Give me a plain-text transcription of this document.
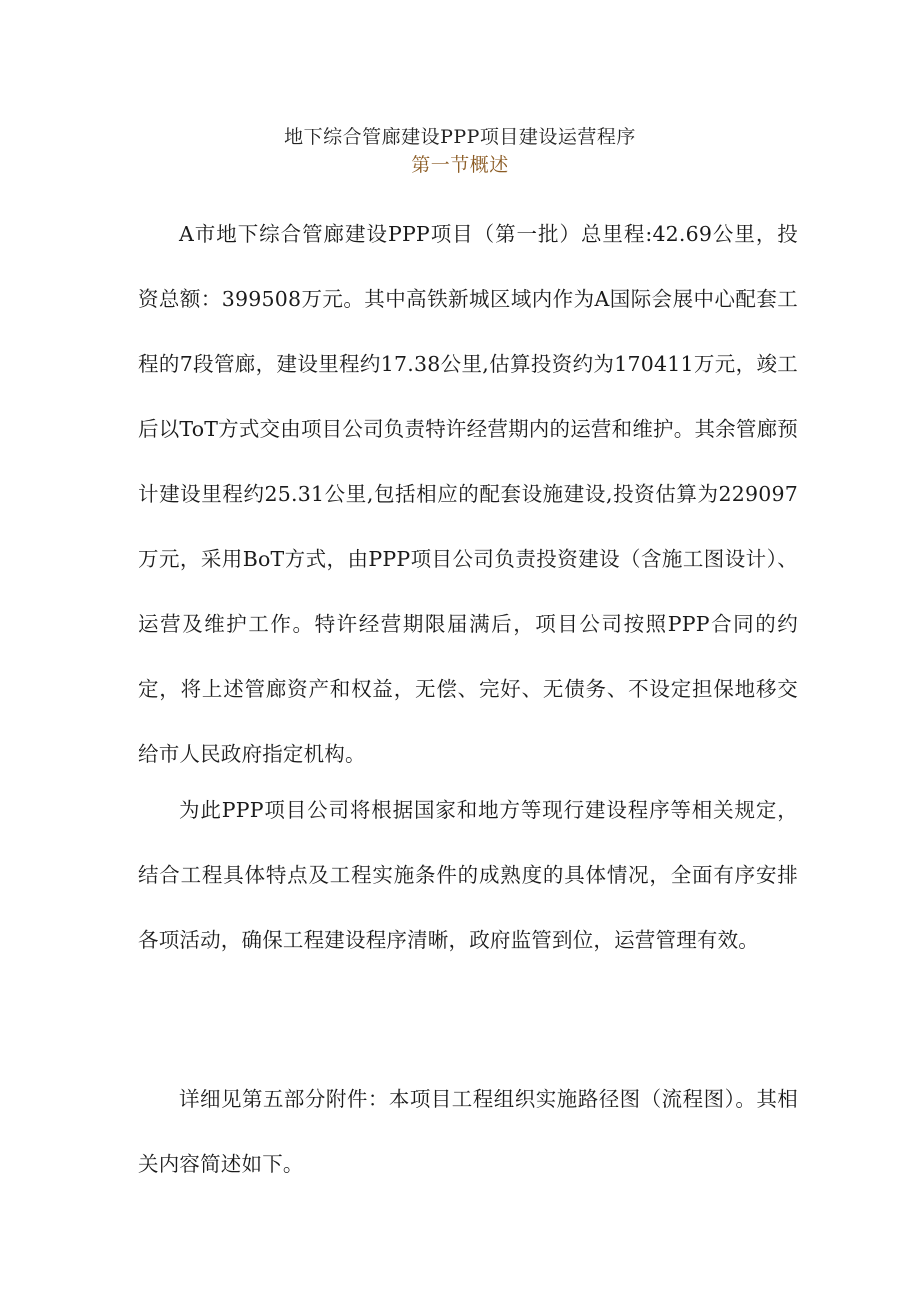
地下综合管廊建设PPP项目建设运营程序
第一节概述

A市地下综合管廊建设PPP项目（第一批）总里程:42.69公里，投资总额：399508万元。其中高铁新城区域内作为A国际会展中心配套工程的7段管廊，建设里程约17.38公里,估算投资约为170411万元，竣工后以ToT方式交由项目公司负责特许经营期内的运营和维护。其余管廊预计建设里程约25.31公里,包括相应的配套设施建设,投资估算为229097万元，采用BoT方式，由PPP项目公司负责投资建设（含施工图设计）、运营及维护工作。特许经营期限届满后，项目公司按照PPP合同的约定，将上述管廊资产和权益，无偿、完好、无债务、不设定担保地移交给市人民政府指定机构。

为此PPP项目公司将根据国家和地方等现行建设程序等相关规定，结合工程具体特点及工程实施条件的成熟度的具体情况，全面有序安排各项活动，确保工程建设程序清晰，政府监管到位，运营管理有效。

详细见第五部分附件：本项目工程组织实施路径图（流程图）。其相关内容简述如下。
